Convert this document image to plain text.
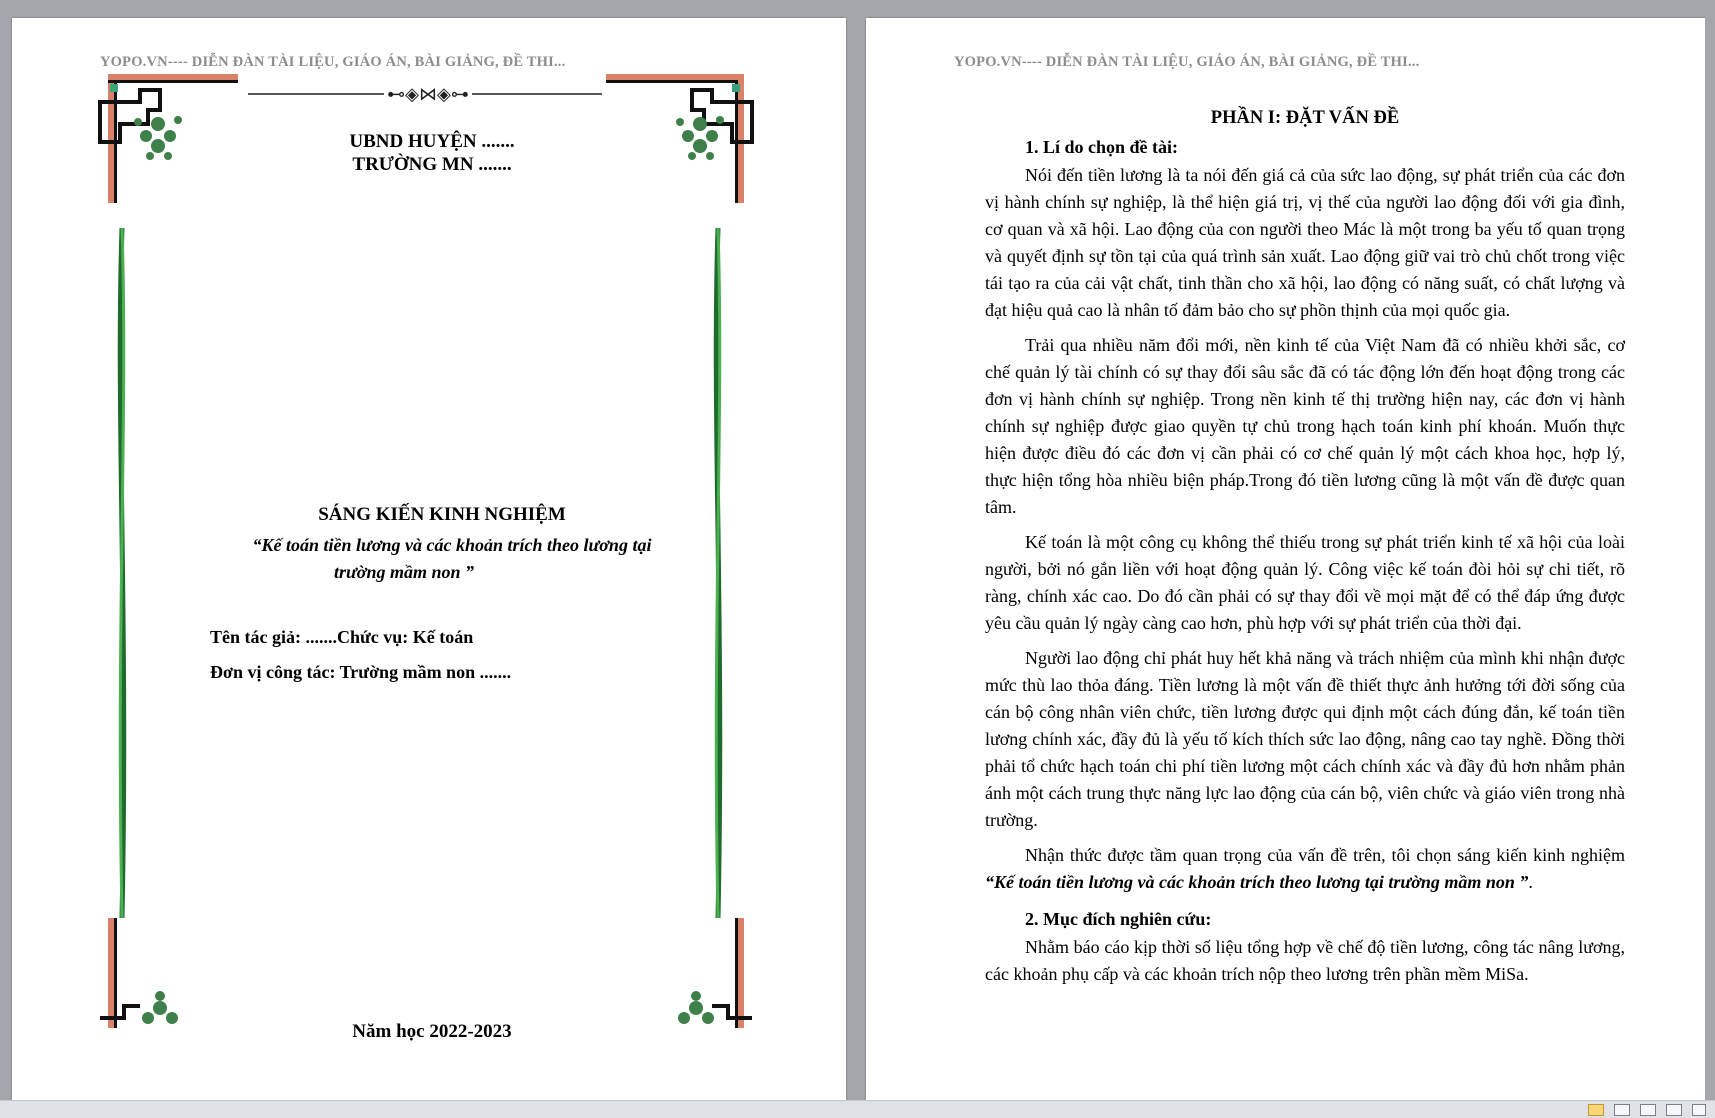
YOPO.VN---- DIỄN ĐÀN TÀI LIỆU, GIÁO ÁN, BÀI GIẢNG, ĐỀ THI...
⊷◈⋈◈⊶
UBND HUYỆN .......
TRƯỜNG MN .......
SÁNG KIẾN KINH NGHIỆM
“Kế toán tiền lương và các khoản trích theo lương tại
trường mầm non ”
Tên tác giả: .......Chức vụ: Kế toán
Đơn vị công tác: Trường mầm non .......
Năm học 2022-2023
YOPO.VN---- DIỄN ĐÀN TÀI LIỆU, GIÁO ÁN, BÀI GIẢNG, ĐỀ THI...
PHẦN I: ĐẶT VẤN ĐỀ
1. Lí do chọn đề tài:

Nói đến tiền lương là ta nói đến giá cả của sức lao động, sự phát triển của các đơn vị hành chính sự nghiệp, là thể hiện giá trị, vị thế của người lao động đối với gia đình, cơ quan và xã hội. Lao động của con người theo Mác là một trong ba yếu tố quan trọng và quyết định sự tồn tại của quá trình sản xuất. Lao động giữ vai trò chủ chốt trong việc tái tạo ra của cải vật chất, tinh thần cho xã hội, lao động có năng suất, có chất lượng và đạt hiệu quả cao là nhân tố đảm bảo cho sự phồn thịnh của mọi quốc gia.

Trải qua nhiều năm đổi mới, nền kinh tế của Việt Nam đã có nhiều khởi sắc, cơ chế quản lý tài chính có sự thay đổi sâu sắc đã có tác động lớn đến hoạt động trong các đơn vị hành chính sự nghiệp. Trong nền kinh tế thị trường hiện nay, các đơn vị hành chính sự nghiệp được giao quyền tự chủ trong hạch toán kinh phí khoán. Muốn thực hiện được điều đó các đơn vị cần phải có cơ chế quản lý một cách khoa học, hợp lý, thực hiện tổng hòa nhiều biện pháp.Trong đó tiền lương cũng là một vấn đề được quan tâm.

Kế toán là một công cụ không thể thiếu trong sự phát triển kinh tế xã hội của loài người, bởi nó gắn liền với hoạt động quản lý. Công việc kế toán đòi hỏi sự chi tiết, rõ ràng, chính xác cao. Do đó cần phải có sự thay đổi về mọi mặt để có thể đáp ứng được yêu cầu quản lý ngày càng cao hơn, phù hợp với sự phát triển của thời đại.

Người lao động chỉ phát huy hết khả năng và trách nhiệm của mình khi nhận được mức thù lao thỏa đáng. Tiền lương là một vấn đề thiết thực ảnh hưởng tới đời sống của cán bộ công nhân viên chức, tiền lương được qui định một cách đúng đắn, kế toán tiền lương chính xác, đầy đủ là yếu tố kích thích sức lao động, nâng cao tay nghề. Đồng thời phải tổ chức hạch toán chi phí tiền lương một cách chính xác và đầy đủ hơn nhằm phản ánh một cách trung thực năng lực lao động của cán bộ, viên chức và giáo viên trong nhà trường.

Nhận thức được tầm quan trọng của vấn đề trên, tôi chọn sáng kiến kinh nghiệm “Kế toán tiền lương và các khoản trích theo lương tại trường mầm non ”.

2. Mục đích nghiên cứu:

Nhằm báo cáo kịp thời số liệu tổng hợp về chế độ tiền lương, công tác nâng lương, các khoản phụ cấp và các khoản trích nộp theo lương trên phần mềm MiSa.
